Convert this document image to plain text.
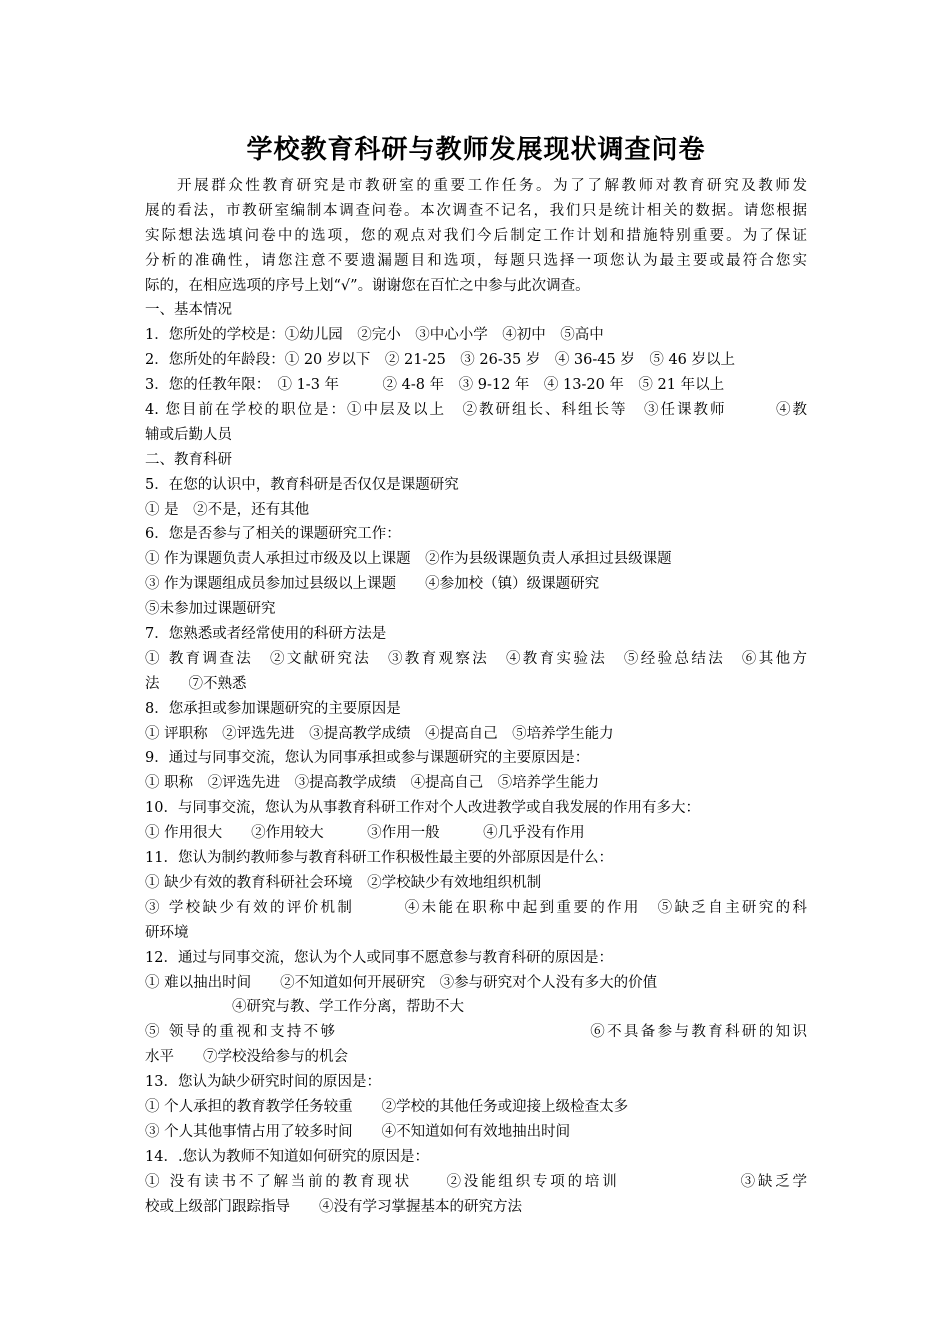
学校教育科研与教师发展现状调查问卷
开展群众性教育研究是市教研室的重要工作任务。为了了解教师对教育研究及教师发
展的看法，市教研室编制本调查问卷。本次调查不记名，我们只是统计相关的数据。请您根据
实际想法选填问卷中的选项，您的观点对我们今后制定工作计划和措施特别重要。为了保证
分析的准确性，请您注意不要遗漏题目和选项，每题只选择一项您认为最主要或最符合您实
际的，在相应选项的序号上划“√”。谢谢您在百忙之中参与此次调查。
一、基本情况
1．您所处的学校是：①幼儿园　②完小　③中心小学　④初中　⑤高中
2．您所处的年龄段：① 20 岁以下　② 21-25　③ 26-35 岁　④ 36-45 岁　⑤ 46 岁以上
3．您的任教年限：　① 1-3 年　　　② 4-8 年　③ 9-12 年　④ 13-20 年　⑤ 21 年以上
4. 您目前在学校的职位是：①中层及以上　②教研组长、科组长等　③任课教师　　　④教
辅或后勤人员
二、教育科研
5．在您的认识中，教育科研是否仅仅是课题研究
① 是　②不是，还有其他
6．您是否参与了相关的课题研究工作：
① 作为课题负责人承担过市级及以上课题　②作为县级课题负责人承担过县级课题
③ 作为课题组成员参加过县级以上课题　　④参加校（镇）级课题研究
⑤未参加过课题研究
7．您熟悉或者经常使用的科研方法是
① 教育调查法　②文献研究法　③教育观察法　④教育实验法　⑤经验总结法　⑥其他方
法　　⑦不熟悉
8．您承担或参加课题研究的主要原因是
① 评职称　②评选先进　③提高教学成绩　④提高自己　⑤培养学生能力
9．通过与同事交流，您认为同事承担或参与课题研究的主要原因是：
① 职称　②评选先进　③提高教学成绩　④提高自己　⑤培养学生能力
10．与同事交流，您认为从事教育科研工作对个人改进教学或自我发展的作用有多大：
① 作用很大　　②作用较大　　　③作用一般　　　④几乎没有作用
11．您认为制约教师参与教育科研工作积极性最主要的外部原因是什么：
① 缺少有效的教育科研社会环境　②学校缺少有效地组织机制
③ 学校缺少有效的评价机制　　　④未能在职称中起到重要的作用　⑤缺乏自主研究的科
研环境
12．通过与同事交流，您认为个人或同事不愿意参与教育科研的原因是：
① 难以抽出时间　　②不知道如何开展研究　③参与研究对个人没有多大的价值
　　　　　　④研究与教、学工作分离，帮助不大
⑤ 领导的重视和支持不够　　　　　　　　　　　　　　　⑥不具备参与教育科研的知识
水平　　⑦学校没给参与的机会
13．您认为缺少研究时间的原因是：
① 个人承担的教育教学任务较重　　②学校的其他任务或迎接上级检查太多
③ 个人其他事情占用了较多时间　　④不知道如何有效地抽出时间
14．.您认为教师不知道如何研究的原因是：
① 没有读书不了解当前的教育现状　　②没能组织专项的培训　　　　　　　③缺乏学
校或上级部门跟踪指导　　④没有学习掌握基本的研究方法
